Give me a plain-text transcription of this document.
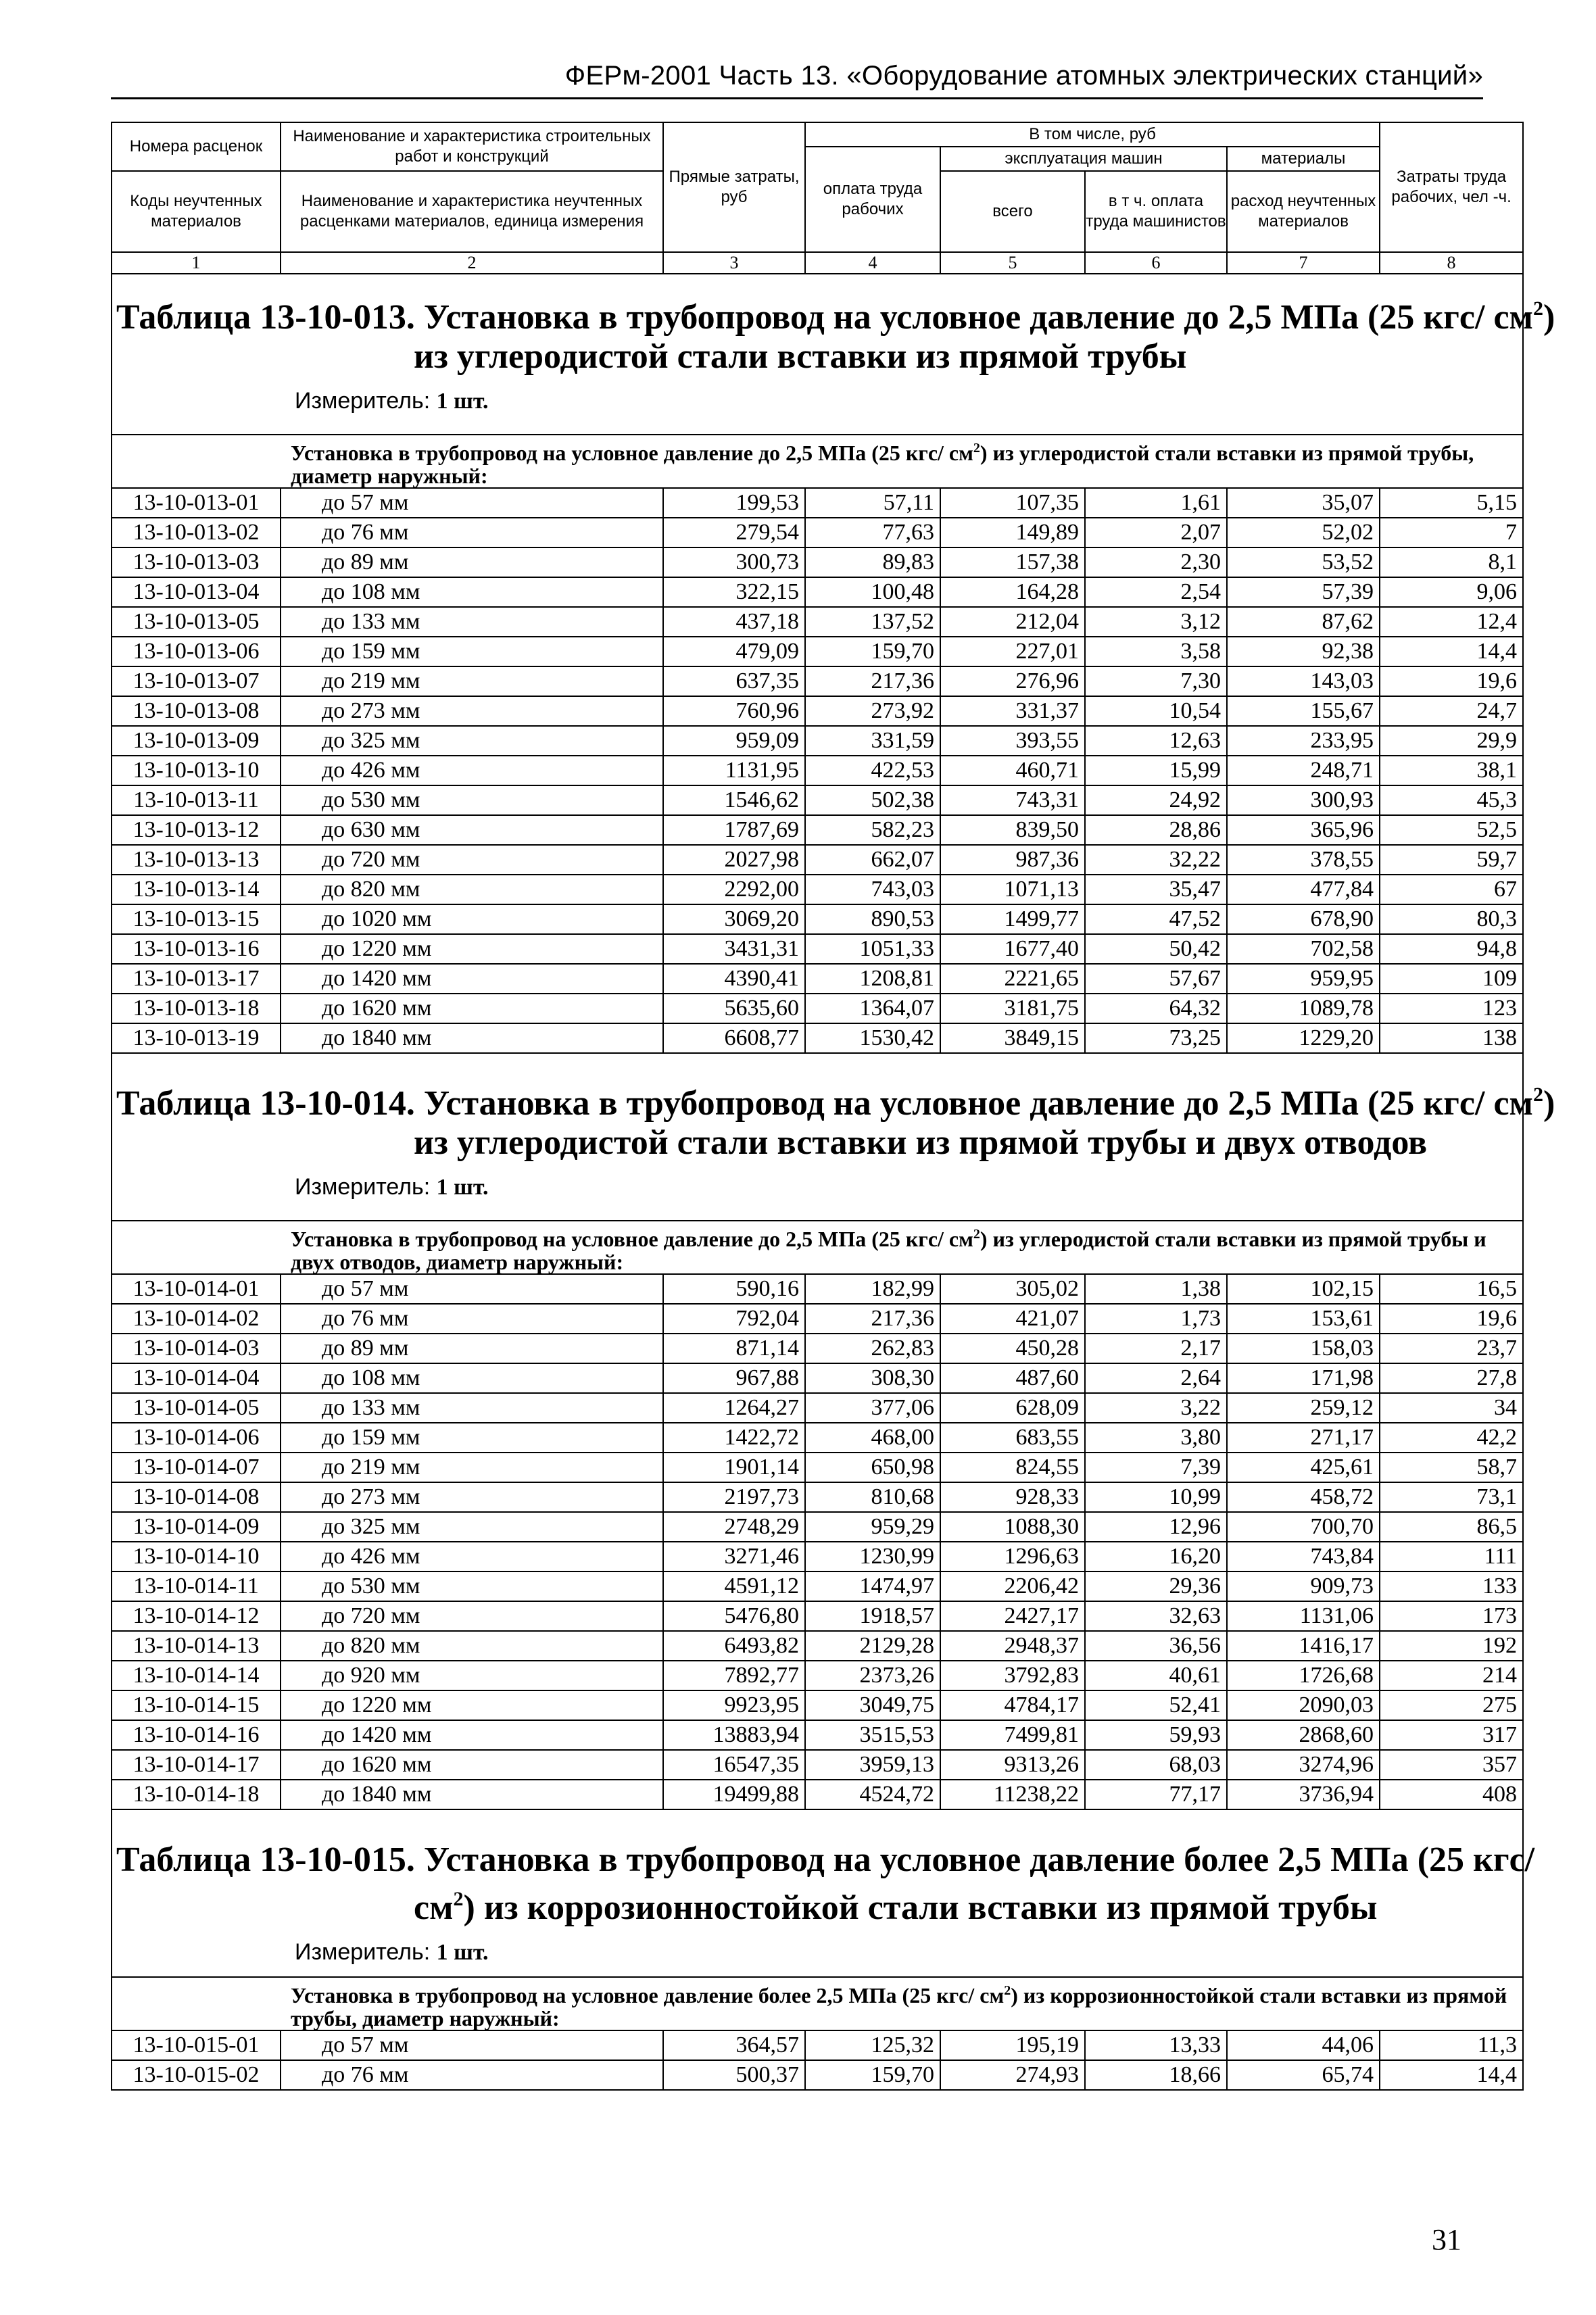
ФЕРм-2001 Часть 13. «Оборудование атомных электрических станций»
Номера расценок	Наименование и характеристика строительных работ и конструкций	Прямые затраты, руб	В том числе, руб				Затраты труда рабочих, чел -ч.
			оплата труда рабочих	эксплуатация машин		материалы	
Коды неучтенных материалов	Наименование и характеристика неучтенных расценками материалов, единица измерения			всего	в т ч. оплата труда машинистов	расход неучтенных материалов	

1	2	3	4	5	6	7	8

Таблица 13-10-013. Установка в трубопровод на условное давление до 2,5 МПа (25 кгс/ $см^2$)
из углеродистой стали вставки из прямой трубы
Измеритель: 1 шт.							

Установка в трубопровод на условное давление до 2,5 МПа (25 кгс/ $см^2$) из углеродистой стали вставки из прямой трубы, диаметр наружный:							

13-10-013-01	до 57 мм	199,53	57,11	107,35	1,61	35,07	5,15
13-10-013-02	до 76 мм	279,54	77,63	149,89	2,07	52,02	7
13-10-013-03	до 89 мм	300,73	89,83	157,38	2,30	53,52	8,1
13-10-013-04	до 108 мм	322,15	100,48	164,28	2,54	57,39	9,06
13-10-013-05	до 133 мм	437,18	137,52	212,04	3,12	87,62	12,4
13-10-013-06	до 159 мм	479,09	159,70	227,01	3,58	92,38	14,4
13-10-013-07	до 219 мм	637,35	217,36	276,96	7,30	143,03	19,6
13-10-013-08	до 273 мм	760,96	273,92	331,37	10,54	155,67	24,7
13-10-013-09	до 325 мм	959,09	331,59	393,55	12,63	233,95	29,9
13-10-013-10	до 426 мм	1131,95	422,53	460,71	15,99	248,71	38,1
13-10-013-11	до 530 мм	1546,62	502,38	743,31	24,92	300,93	45,3
13-10-013-12	до 630 мм	1787,69	582,23	839,50	28,86	365,96	52,5
13-10-013-13	до 720 мм	2027,98	662,07	987,36	32,22	378,55	59,7
13-10-013-14	до 820 мм	2292,00	743,03	1071,13	35,47	477,84	67
13-10-013-15	до 1020 мм	3069,20	890,53	1499,77	47,52	678,90	80,3
13-10-013-16	до 1220 мм	3431,31	1051,33	1677,40	50,42	702,58	94,8
13-10-013-17	до 1420 мм	4390,41	1208,81	2221,65	57,67	959,95	109
13-10-013-18	до 1620 мм	5635,60	1364,07	3181,75	64,32	1089,78	123
13-10-013-19	до 1840 мм	6608,77	1530,42	3849,15	73,25	1229,20	138

Таблица 13-10-014. Установка в трубопровод на условное давление до 2,5 МПа (25 кгс/ $см^2$)
из углеродистой стали вставки из прямой трубы и двух отводов
Измеритель: 1 шт.							

Установка в трубопровод на условное давление до 2,5 МПа (25 кгс/ $см^2$) из углеродистой стали вставки из прямой трубы и двух отводов, диаметр наружный:							

13-10-014-01	до 57 мм	590,16	182,99	305,02	1,38	102,15	16,5
13-10-014-02	до 76 мм	792,04	217,36	421,07	1,73	153,61	19,6
13-10-014-03	до 89 мм	871,14	262,83	450,28	2,17	158,03	23,7
13-10-014-04	до 108 мм	967,88	308,30	487,60	2,64	171,98	27,8
13-10-014-05	до 133 мм	1264,27	377,06	628,09	3,22	259,12	34
13-10-014-06	до 159 мм	1422,72	468,00	683,55	3,80	271,17	42,2
13-10-014-07	до 219 мм	1901,14	650,98	824,55	7,39	425,61	58,7
13-10-014-08	до 273 мм	2197,73	810,68	928,33	10,99	458,72	73,1
13-10-014-09	до 325 мм	2748,29	959,29	1088,30	12,96	700,70	86,5
13-10-014-10	до 426 мм	3271,46	1230,99	1296,63	16,20	743,84	111
13-10-014-11	до 530 мм	4591,12	1474,97	2206,42	29,36	909,73	133
13-10-014-12	до 720 мм	5476,80	1918,57	2427,17	32,63	1131,06	173
13-10-014-13	до 820 мм	6493,82	2129,28	2948,37	36,56	1416,17	192
13-10-014-14	до 920 мм	7892,77	2373,26	3792,83	40,61	1726,68	214
13-10-014-15	до 1220 мм	9923,95	3049,75	4784,17	52,41	2090,03	275
13-10-014-16	до 1420 мм	13883,94	3515,53	7499,81	59,93	2868,60	317
13-10-014-17	до 1620 мм	16547,35	3959,13	9313,26	68,03	3274,96	357
13-10-014-18	до 1840 мм	19499,88	4524,72	11238,22	77,17	3736,94	408

Таблица 13-10-015. Установка в трубопровод на условное давление более 2,5 МПа (25 кгс/
$см^2$) из коррозионностойкой стали вставки из прямой трубы
Измеритель: 1 шт.							

Установка в трубопровод на условное давление более 2,5 МПа (25 кгс/ $см^2$) из коррозионностойкой стали вставки из прямой трубы, диаметр наружный:							

13-10-015-01	до 57 мм	364,57	125,32	195,19	13,33	44,06	11,3
13-10-015-02	до 76 мм	500,37	159,70	274,93	18,66	65,74	14,4
31
